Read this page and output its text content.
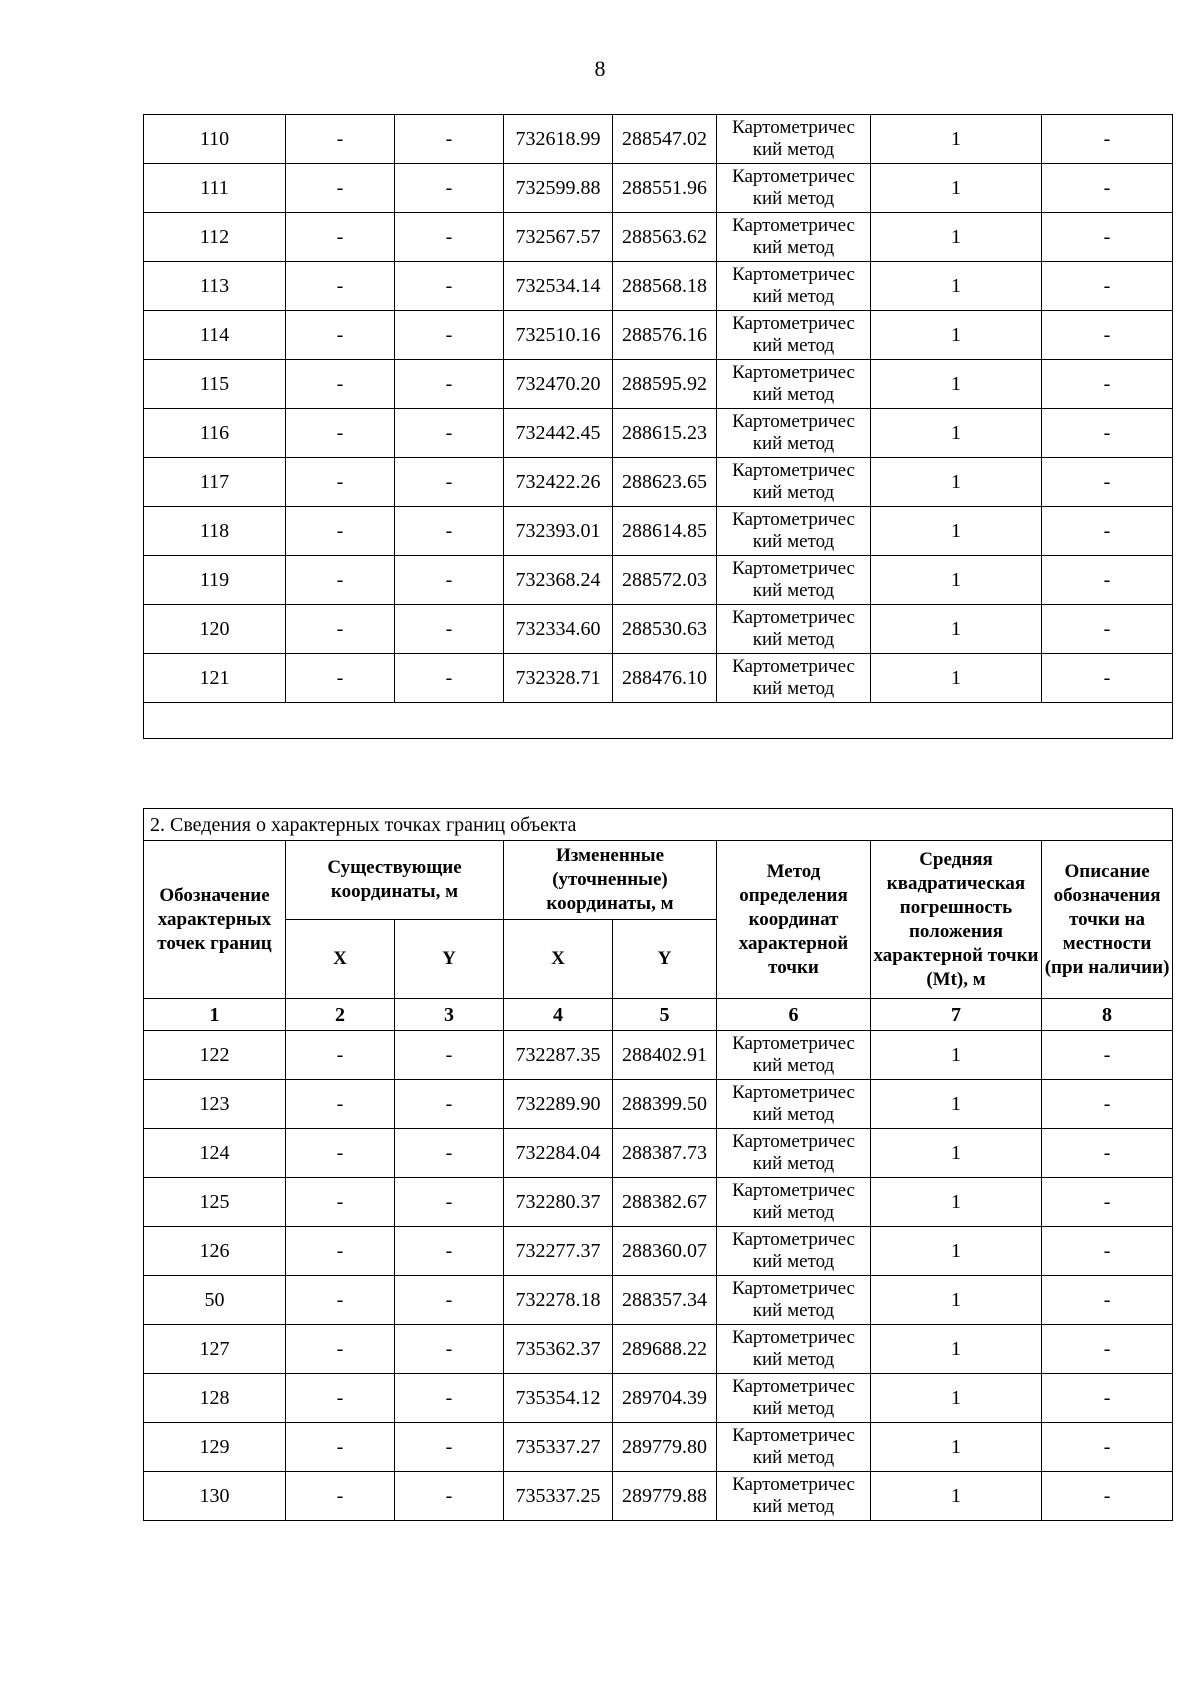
8
110	-	-	732618.99	288547.02	Картометричес
кий метод	1	-
111	-	-	732599.88	288551.96	Картометричес
кий метод	1	-
112	-	-	732567.57	288563.62	Картометричес
кий метод	1	-
113	-	-	732534.14	288568.18	Картометричес
кий метод	1	-
114	-	-	732510.16	288576.16	Картометричес
кий метод	1	-
115	-	-	732470.20	288595.92	Картометричес
кий метод	1	-
116	-	-	732442.45	288615.23	Картометричес
кий метод	1	-
117	-	-	732422.26	288623.65	Картометричес
кий метод	1	-
118	-	-	732393.01	288614.85	Картометричес
кий метод	1	-
119	-	-	732368.24	288572.03	Картометричес
кий метод	1	-
120	-	-	732334.60	288530.63	Картометричес
кий метод	1	-
121	-	-	732328.71	288476.10	Картометричес
кий метод	1	-

2. Сведения о характерных точках границ объекта							
Обозначение характерных точек границ	Существующие координаты, м		Измененные (уточненные) координаты, м		Метод определения координат характерной точки	Средняя квадратическая погрешность положения характерной точки (Mt), м	Описание обозначения точки на местности (при наличии)
	X	Y	X	Y			
1	2	3	4	5	6	7	8
122	-	-	732287.35	288402.91	Картометричес
кий метод	1	-
123	-	-	732289.90	288399.50	Картометричес
кий метод	1	-
124	-	-	732284.04	288387.73	Картометричес
кий метод	1	-
125	-	-	732280.37	288382.67	Картометричес
кий метод	1	-
126	-	-	732277.37	288360.07	Картометричес
кий метод	1	-
50	-	-	732278.18	288357.34	Картометричес
кий метод	1	-
127	-	-	735362.37	289688.22	Картометричес
кий метод	1	-
128	-	-	735354.12	289704.39	Картометричес
кий метод	1	-
129	-	-	735337.27	289779.80	Картометричес
кий метод	1	-
130	-	-	735337.25	289779.88	Картометричес
кий метод	1	-
